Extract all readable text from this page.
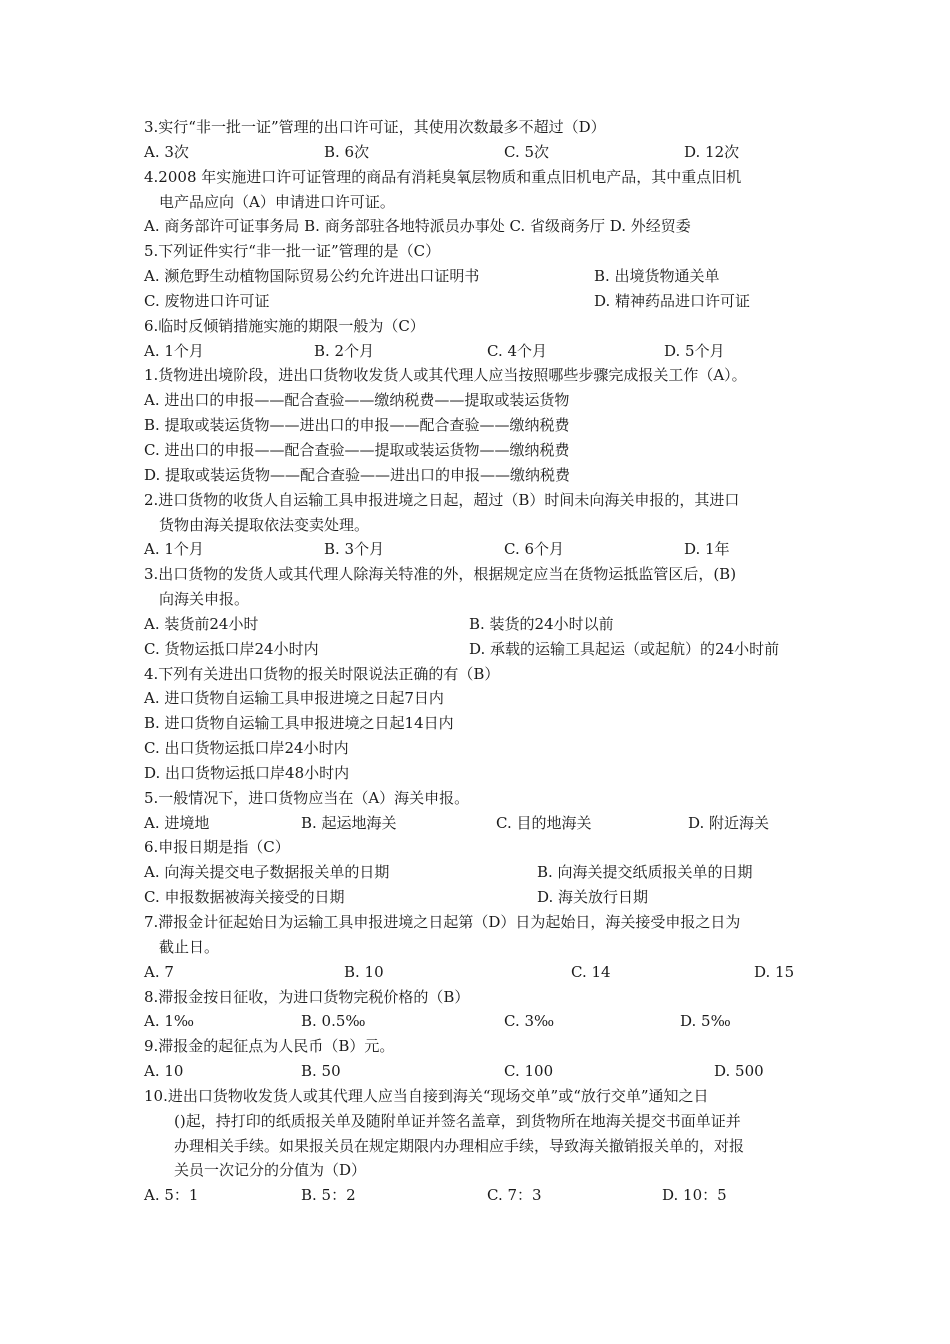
3.实行“非一批一证”管理的出口许可证，其使用次数最多不超过（D）
A. 3次	B. 6次	C. 5次	D. 12次
4.2008 年实施进口许可证管理的商品有消耗臭氧层物质和重点旧机电产品，其中重点旧机
电产品应向（A）申请进口许可证。
A. 商务部许可证事务局 B. 商务部驻各地特派员办事处 C. 省级商务厅 D. 外经贸委
5.下列证件实行“非一批一证”管理的是（C）
A. 濒危野生动植物国际贸易公约允许进出口证明书	B. 出境货物通关单
C. 废物进口许可证	D. 精神药品进口许可证
6.临时反倾销措施实施的期限一般为（C）
A. 1个月	B. 2个月	C. 4个月	D. 5个月
1.货物进出境阶段，进出口货物收发货人或其代理人应当按照哪些步骤完成报关工作（A）。
A. 进出口的申报——配合查验——缴纳税费——提取或装运货物
B. 提取或装运货物——进出口的申报——配合查验——缴纳税费
C. 进出口的申报——配合查验——提取或装运货物——缴纳税费
D. 提取或装运货物——配合查验——进出口的申报——缴纳税费
2.进口货物的收货人自运输工具申报进境之日起，超过（B）时间未向海关申报的，其进口
货物由海关提取依法变卖处理。
A. 1个月	B. 3个月	C. 6个月	D. 1年
3.出口货物的发货人或其代理人除海关特准的外，根据规定应当在货物运抵监管区后，(B)
向海关申报。
A. 装货前24小时	B. 装货的24小时以前
C. 货物运抵口岸24小时内	D. 承载的运输工具起运（或起航）的24小时前
4.下列有关进出口货物的报关时限说法正确的有（B）
A. 进口货物自运输工具申报进境之日起7日内
B. 进口货物自运输工具申报进境之日起14日内
C. 出口货物运抵口岸24小时内
D. 出口货物运抵口岸48小时内
5.一般情况下，进口货物应当在（A）海关申报。
A. 进境地	B. 起运地海关	C. 目的地海关	D. 附近海关
6.申报日期是指（C）
A. 向海关提交电子数据报关单的日期	B. 向海关提交纸质报关单的日期
C. 申报数据被海关接受的日期	D. 海关放行日期
7.滞报金计征起始日为运输工具申报进境之日起第（D）日为起始日，海关接受申报之日为
截止日。
A. 7	B. 10	C. 14	D. 15
8.滞报金按日征收，为进口货物完税价格的（B）
A. 1‰	B. 0.5‰	C. 3‰	D. 5‰
9.滞报金的起征点为人民币（B）元。
A. 10	B. 50	C. 100	D. 500
10.进出口货物收发货人或其代理人应当自接到海关“现场交单”或“放行交单”通知之日
()起，持打印的纸质报关单及随附单证并签名盖章，到货物所在地海关提交书面单证并
办理相关手续。如果报关员在规定期限内办理相应手续，导致海关撤销报关单的，对报
关员一次记分的分值为（D）
A. 5：1	B. 5：2	C. 7：3	D. 10：5
